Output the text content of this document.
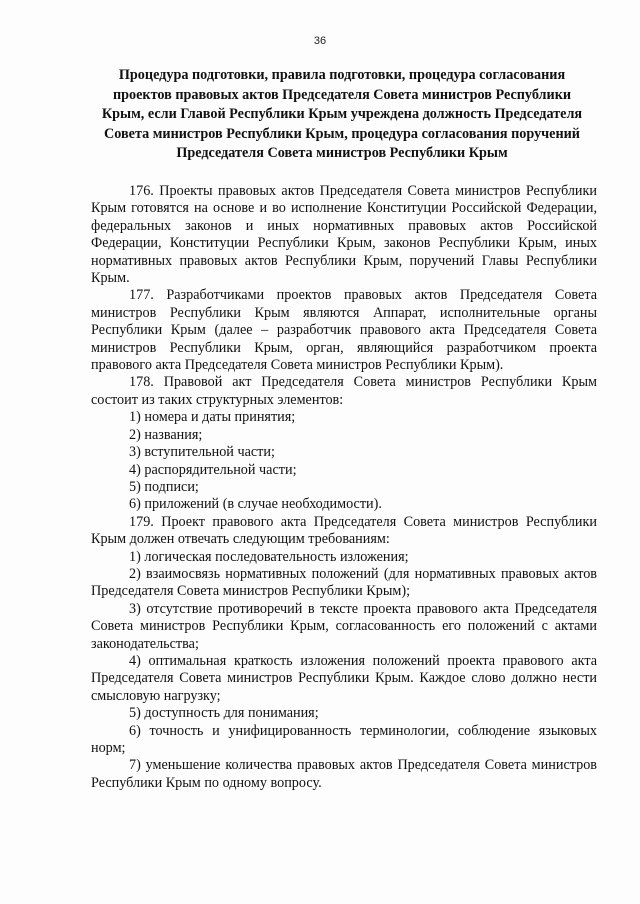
36
Процедура подготовки, правила подготовки, процедура согласования проектов правовых актов Председателя Совета министров Республики Крым, если Главой Республики Крым учреждена должность Председателя Совета министров Республики Крым, процедура согласования поручений Председателя Совета министров Республики Крым

176. Проекты правовых актов Председателя Совета министров Республики Крым готовятся на основе и во исполнение Конституции Российской Федерации, федеральных законов и иных нормативных правовых актов Российской Федерации, Конституции Республики Крым, законов Республики Крым, иных нормативных правовых актов Республики Крым, поручений Главы Республики Крым.

177. Разработчиками проектов правовых актов Председателя Совета министров Республики Крым являются Аппарат, исполнительные органы Республики Крым (далее – разработчик правового акта Председателя Совета министров Республики Крым, орган, являющийся разработчиком проекта правового акта Председателя Совета министров Республики Крым).

178. Правовой акт Председателя Совета министров Республики Крым состоит из таких структурных элементов:

1) номера и даты принятия;

2) названия;

3) вступительной части;

4) распорядительной части;

5) подписи;

6) приложений (в случае необходимости).

179. Проект правового акта Председателя Совета министров Республики Крым должен отвечать следующим требованиям:

1) логическая последовательность изложения;

2) взаимосвязь нормативных положений (для нормативных правовых актов Председателя Совета министров Республики Крым);

3) отсутствие противоречий в тексте проекта правового акта Председателя Совета министров Республики Крым, согласованность его положений с актами законодательства;

4) оптимальная краткость изложения положений проекта правового акта Председателя Совета министров Республики Крым. Каждое слово должно нести смысловую нагрузку;

5) доступность для понимания;

6) точность и унифицированность терминологии, соблюдение языковых норм;

7) уменьшение количества правовых актов Председателя Совета министров Республики Крым по одному вопросу.
